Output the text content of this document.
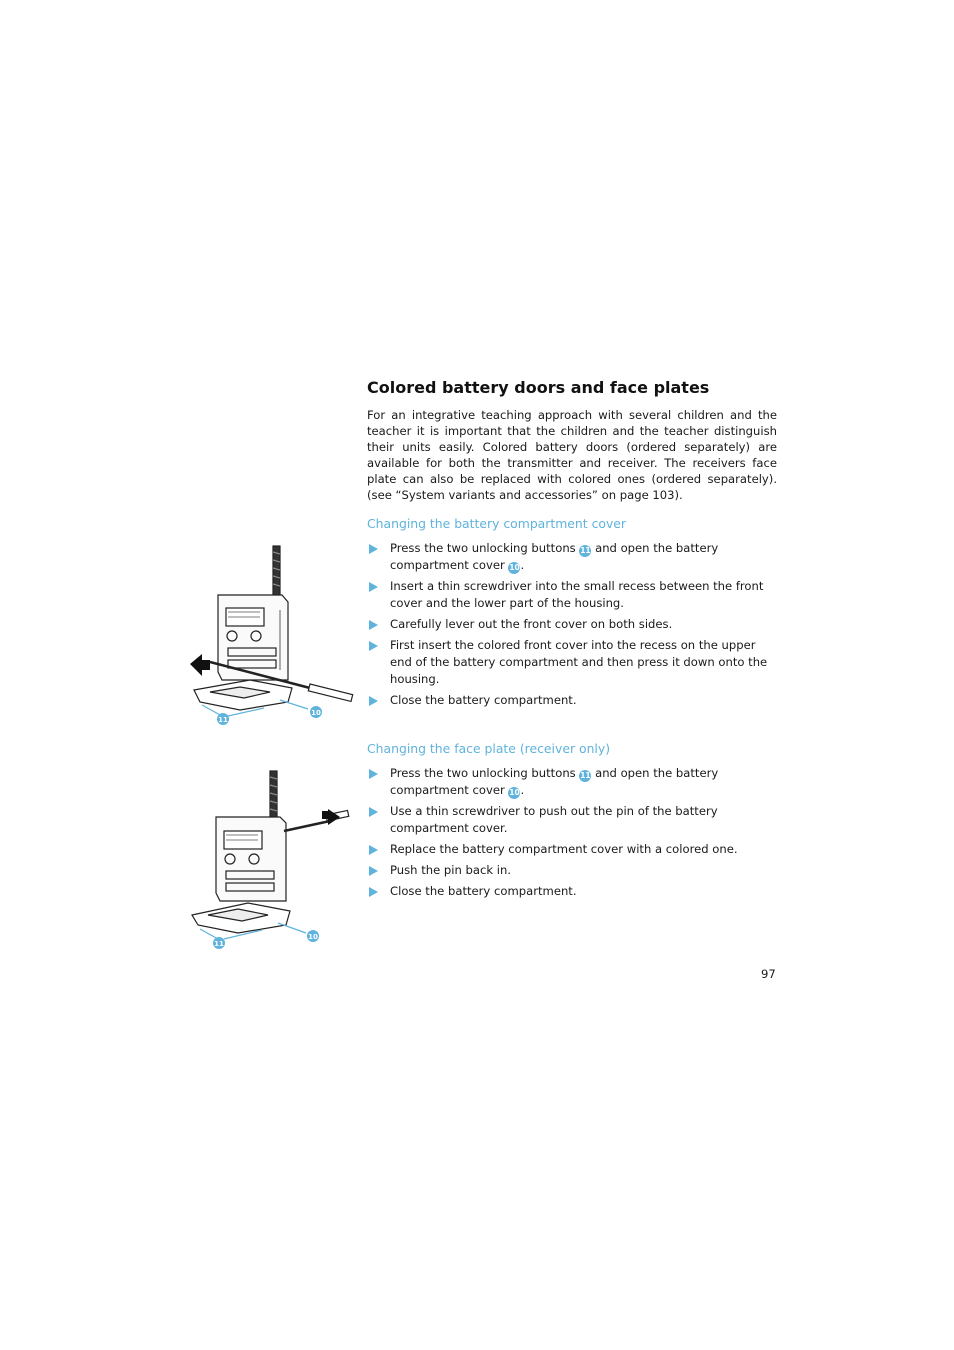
Colored battery doors and face plates

For an integrative teaching approach with several children and the teacher it is important that the children and the teacher distinguish their units easily. Colored battery doors (ordered separately) are available for both the transmitter and receiver. The receivers face plate can also be replaced with colored ones (ordered separately). (see “System variants and accessories” on page 103).

Changing the battery compartment cover
Press the two unlocking buttons 11 and open the battery compartment cover 10.
Insert a thin screwdriver into the small recess between the front cover and the lower part of the housing.
Carefully lever out the front cover on both sides.
First insert the colored front cover into the recess on the upper end of the battery compartment and then press it down onto the housing.
Close the battery compartment.
Changing the face plate (receiver only)
Press the two unlocking buttons 11 and open the battery compartment cover 10.
Use a thin screwdriver to push out the pin of the battery compartment cover.
Replace the battery compartment cover with a colored one.
Push the pin back in.
Close the battery compartment.
11
10
11
10
97
